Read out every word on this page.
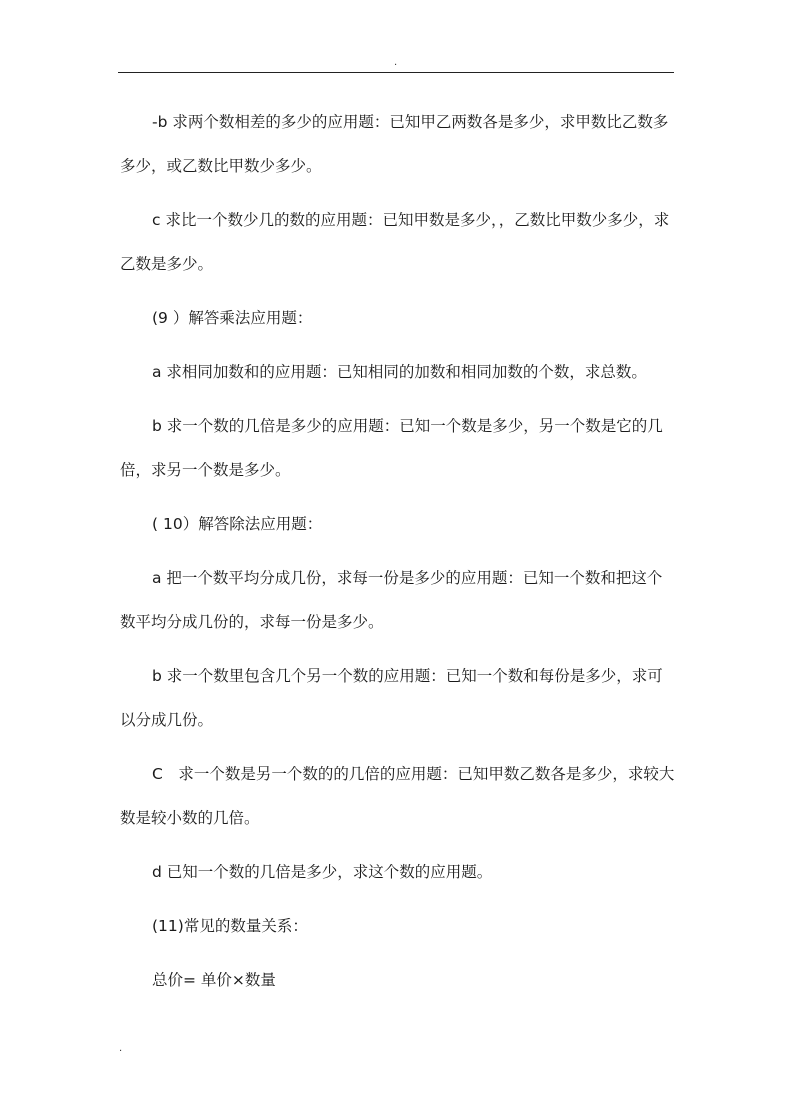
.

-b 求两个数相差的多少的应用题：已知甲乙两数各是多少，求甲数比乙数多多少，或乙数比甲数少多少。

c 求比一个数少几的数的应用题：已知甲数是多少，，乙数比甲数少多少，求乙数是多少。

(9 ）解答乘法应用题：

a 求相同加数和的应用题：已知相同的加数和相同加数的个数，求总数。

b 求一个数的几倍是多少的应用题：已知一个数是多少，另一个数是它的几倍，求另一个数是多少。

( 10）解答除法应用题：

a 把一个数平均分成几份，求每一份是多少的应用题：已知一个数和把这个数平均分成几份的，求每一份是多少。

b 求一个数里包含几个另一个数的应用题：已知一个数和每份是多少，求可以分成几份。

C　求一个数是另一个数的的几倍的应用题：已知甲数乙数各是多少，求较大数是较小数的几倍。

d 已知一个数的几倍是多少，求这个数的应用题。

(11)常见的数量关系：

总价= 单价×数量

.
